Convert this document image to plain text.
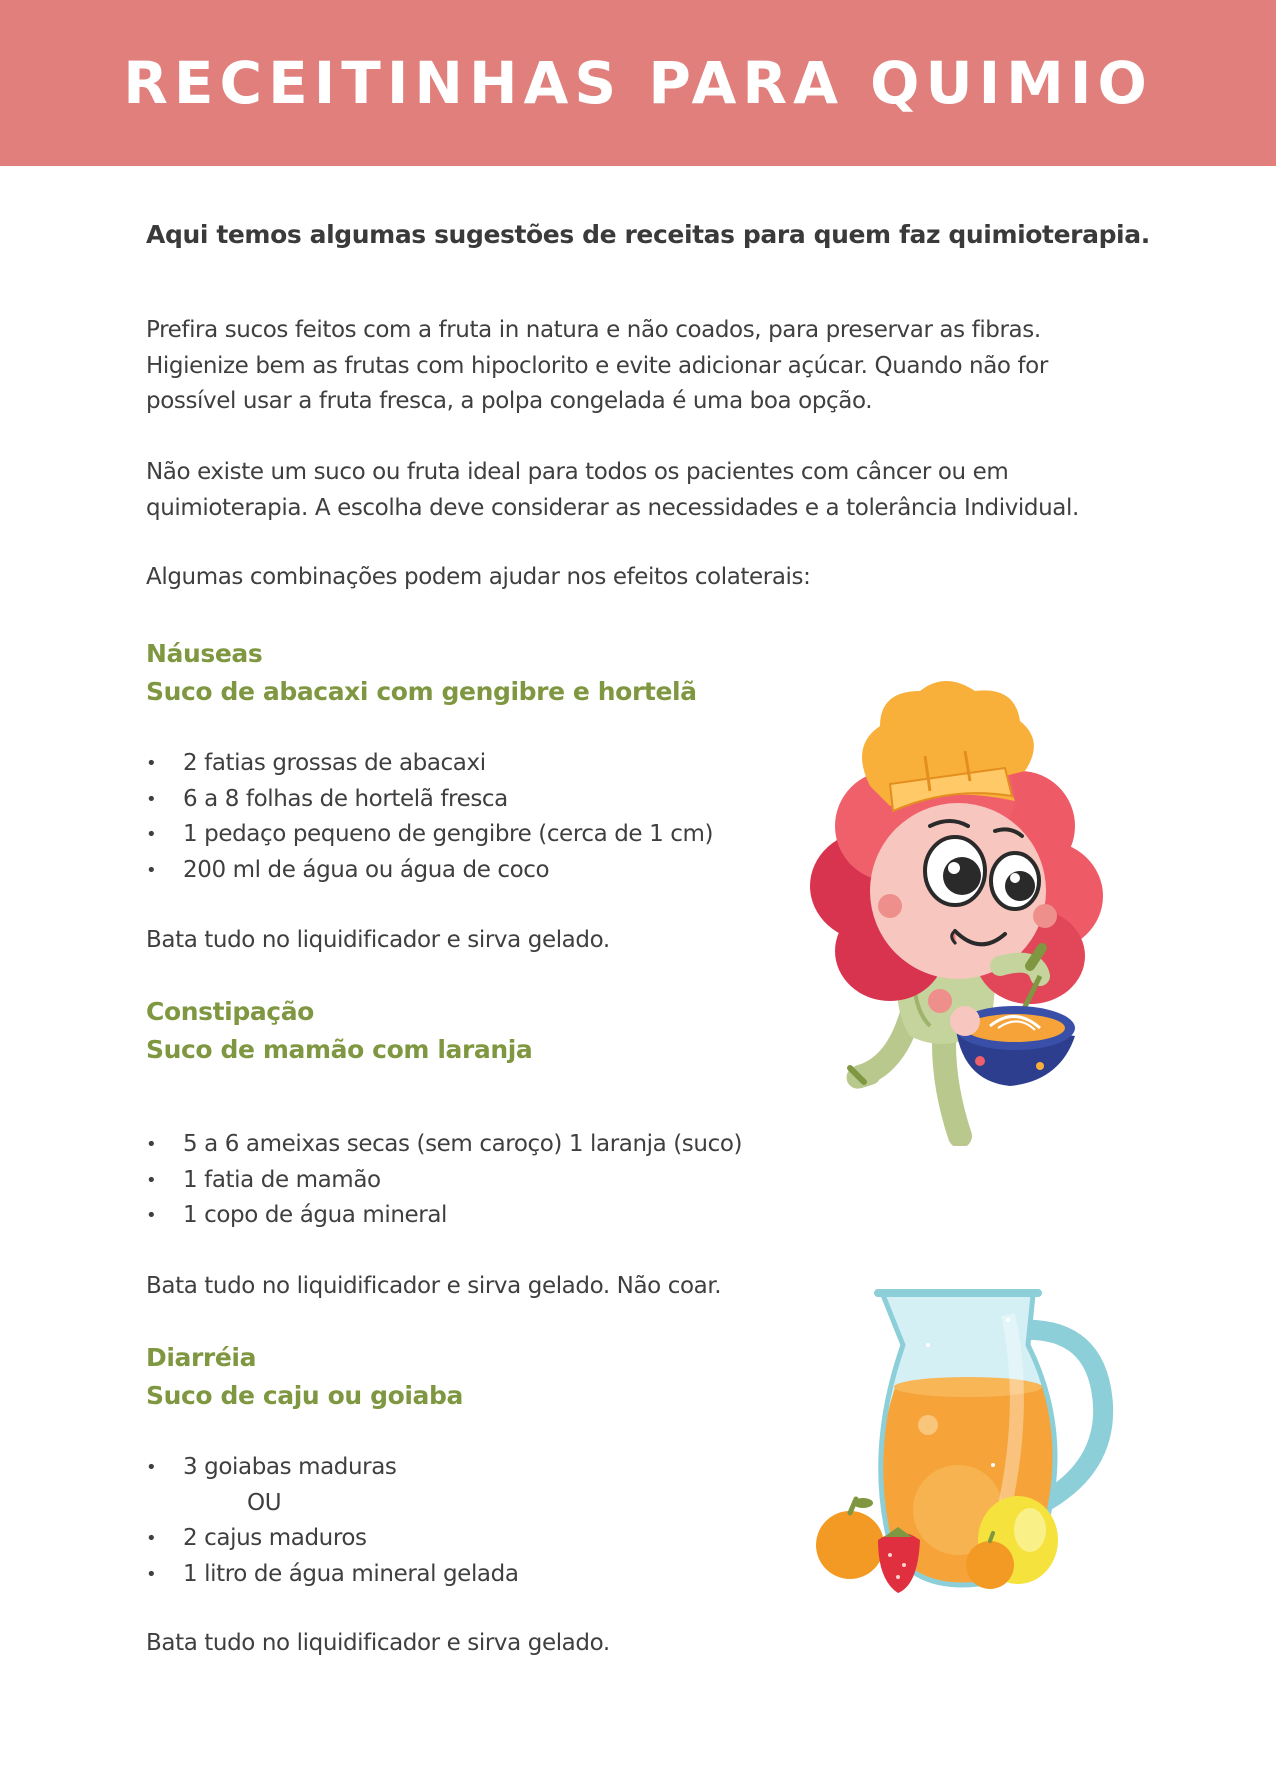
RECEITINHAS PARA QUIMIO
Aqui temos algumas sugestões de receitas para quem faz quimioterapia.
Prefira sucos feitos com a fruta in natura e não coados, para preservar as fibras. Higienize bem as frutas com hipoclorito e evite adicionar açúcar. Quando não for possível usar a fruta fresca, a polpa congelada é uma boa opção.
Não existe um suco ou fruta ideal para todos os pacientes com câncer ou em quimioterapia. A escolha deve considerar as necessidades e a tolerância Individual.
Algumas combinações podem ajudar nos efeitos colaterais:
Náuseas
Suco de abacaxi com gengibre e hortelã
• 2 fatias grossas de abacaxi
• 6 a 8 folhas de hortelã fresca
• 1 pedaço pequeno de gengibre (cerca de 1 cm)
• 200 ml de água ou água de coco
Bata tudo no liquidificador e sirva gelado.
Constipação
Suco de mamão com laranja
• 5 a 6 ameixas secas (sem caroço) 1 laranja (suco)
• 1 fatia de mamão
• 1 copo de água mineral
Bata tudo no liquidificador e sirva gelado. Não coar.
Diarréia
Suco de caju ou goiaba
• 3 goiabas maduras
OU
• 2 cajus maduros
• 1 litro de água mineral gelada
Bata tudo no liquidificador e sirva gelado.
